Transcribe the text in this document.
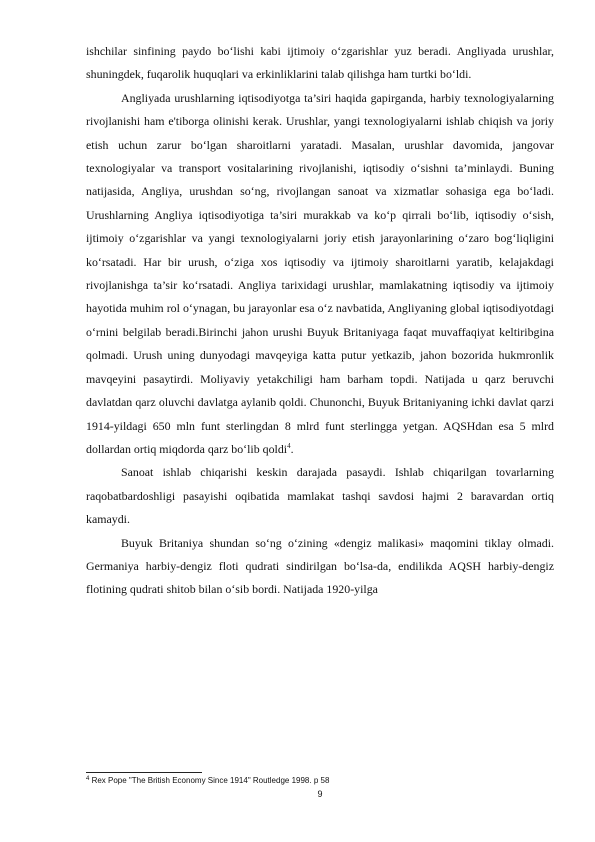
ishchilar sinfining paydo bo‘lishi kabi ijtimoiy o‘zgarishlar yuz beradi. Angliyada urushlar, shuningdek, fuqarolik huquqlari va erkinliklarini talab qilishga ham turtki bo‘ldi.

Angliyada urushlarning iqtisodiyotga ta’siri haqida gapirganda, harbiy texnologiyalarning rivojlanishi ham e'tiborga olinishi kerak. Urushlar, yangi texnologiyalarni ishlab chiqish va joriy etish uchun zarur bo‘lgan sharoitlarni yaratadi. Masalan, urushlar davomida, jangovar texnologiyalar va transport vositalarining rivojlanishi, iqtisodiy o‘sishni ta’minlaydi. Buning natijasida, Angliya, urushdan so‘ng, rivojlangan sanoat va xizmatlar sohasiga ega bo‘ladi. Urushlarning Angliya iqtisodiyotiga ta’siri murakkab va ko‘p qirrali bo‘lib, iqtisodiy o‘sish, ijtimoiy o‘zgarishlar va yangi texnologiyalarni joriy etish jarayonlarining o‘zaro bog‘liqligini ko‘rsatadi. Har bir urush, o‘ziga xos iqtisodiy va ijtimoiy sharoitlarni yaratib, kelajakdagi rivojlanishga ta’sir ko‘rsatadi. Angliya tarixidagi urushlar, mamlakatning iqtisodiy va ijtimoiy hayotida muhim rol o‘ynagan, bu jarayonlar esa o‘z navbatida, Angliyaning global iqtisodiyotdagi o‘rnini belgilab beradi.Birinchi jahon urushi Buyuk Britaniyaga faqat muvaffaqiyat keltiribgina qolmadi. Urush uning dunyodagi mavqeyiga katta putur yetkazib, jahon bozorida hukmronlik mavqeyini pasaytirdi. Moliyaviy yetakchiligi ham barham topdi. Natijada u qarz beruvchi davlatdan qarz oluvchi davlatga aylanib qoldi. Chunonchi, Buyuk Britaniyaning ichki davlat qarzi 1914-yildagi 650 mln funt sterlingdan 8 mlrd funt sterlingga yetgan. AQSHdan esa 5 mlrd dollardan ortiq miqdorda qarz bo‘lib qoldi$^4$.

Sanoat ishlab chiqarishi keskin darajada pasaydi. Ishlab chiqarilgan tovarlarning raqobatbardoshligi pasayishi oqibatida mamlakat tashqi savdosi hajmi 2 baravardan ortiq kamaydi.

Buyuk Britaniya shundan so‘ng o‘zining «dengiz malikasi» maqomini tiklay olmadi. Germaniya harbiy-dengiz floti qudrati sindirilgan bo‘lsa-da, endilikda AQSH harbiy-dengiz flotining qudrati shitob bilan o‘sib bordi. Natijada 1920-yilga

$^4$ Rex Pope "The British Economy Since 1914" Routledge 1998. p 58
9
